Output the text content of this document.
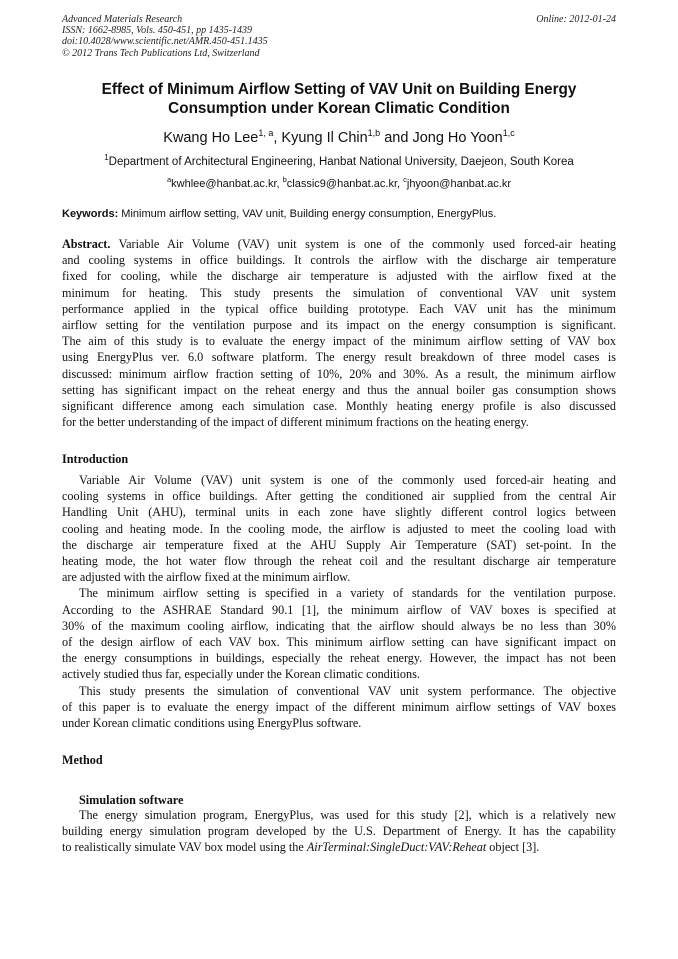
Advanced Materials Research
ISSN: 1662-8985, Vols. 450-451, pp 1435-1439
doi:10.4028/www.scientific.net/AMR.450-451.1435
© 2012 Trans Tech Publications Ltd, Switzerland
Online: 2012-01-24
Effect of Minimum Airflow Setting of VAV Unit on Building Energy
Consumption under Korean Climatic Condition
Kwang Ho Lee$^{1, a}$, Kyung Il Chin$^{1,b}$ and Jong Ho Yoon$^{1,c}$
$^1$Department of Architectural Engineering, Hanbat National University, Daejeon, South Korea
$^a$kwhlee@hanbat.ac.kr, $^b$classic9@hanbat.ac.kr, $^c$jhyoon@hanbat.ac.kr
Keywords: Minimum airflow setting, VAV unit, Building energy consumption, EnergyPlus.
Abstract. Variable Air Volume (VAV) unit system is one of the commonly used forced-air heating
and cooling systems in office buildings. It controls the airflow with the discharge air temperature
fixed for cooling, while the discharge air temperature is adjusted with the airflow fixed at the
minimum for heating. This study presents the simulation of conventional VAV unit system
performance applied in the typical office building prototype. Each VAV unit has the minimum
airflow setting for the ventilation purpose and its impact on the energy consumption is significant.
The aim of this study is to evaluate the energy impact of the minimum airflow setting of VAV box
using EnergyPlus ver. 6.0 software platform. The energy result breakdown of three model cases is
discussed: minimum airflow fraction setting of 10%, 20% and 30%. As a result, the minimum airflow
setting has significant impact on the reheat energy and thus the annual boiler gas consumption shows
significant difference among each simulation case. Monthly heating energy profile is also discussed
for the better understanding of the impact of different minimum fractions on the heating energy.
Introduction
Variable Air Volume (VAV) unit system is one of the commonly used forced-air heating and
cooling systems in office buildings. After getting the conditioned air supplied from the central Air
Handling Unit (AHU), terminal units in each zone have slightly different control logics between
cooling and heating mode. In the cooling mode, the airflow is adjusted to meet the cooling load with
the discharge air temperature fixed at the AHU Supply Air Temperature (SAT) set-point. In the
heating mode, the hot water flow through the reheat coil and the resultant discharge air temperature
are adjusted with the airflow fixed at the minimum airflow.
The minimum airflow setting is specified in a variety of standards for the ventilation purpose.
According to the ASHRAE Standard 90.1 [1], the minimum airflow of VAV boxes is specified at
30% of the maximum cooling airflow, indicating that the airflow should always be no less than 30%
of the design airflow of each VAV box. This minimum airflow setting can have significant impact on
the energy consumptions in buildings, especially the reheat energy. However, the impact has not been
actively studied thus far, especially under the Korean climatic conditions.
This study presents the simulation of conventional VAV unit system performance. The objective
of this paper is to evaluate the energy impact of the different minimum airflow settings of VAV boxes
under Korean climatic conditions using EnergyPlus software.
Method
Simulation software
The energy simulation program, EnergyPlus, was used for this study [2], which is a relatively new
building energy simulation program developed by the U.S. Department of Energy. It has the capability
to realistically simulate VAV box model using the AirTerminal:SingleDuct:VAV:Reheat object [3].
